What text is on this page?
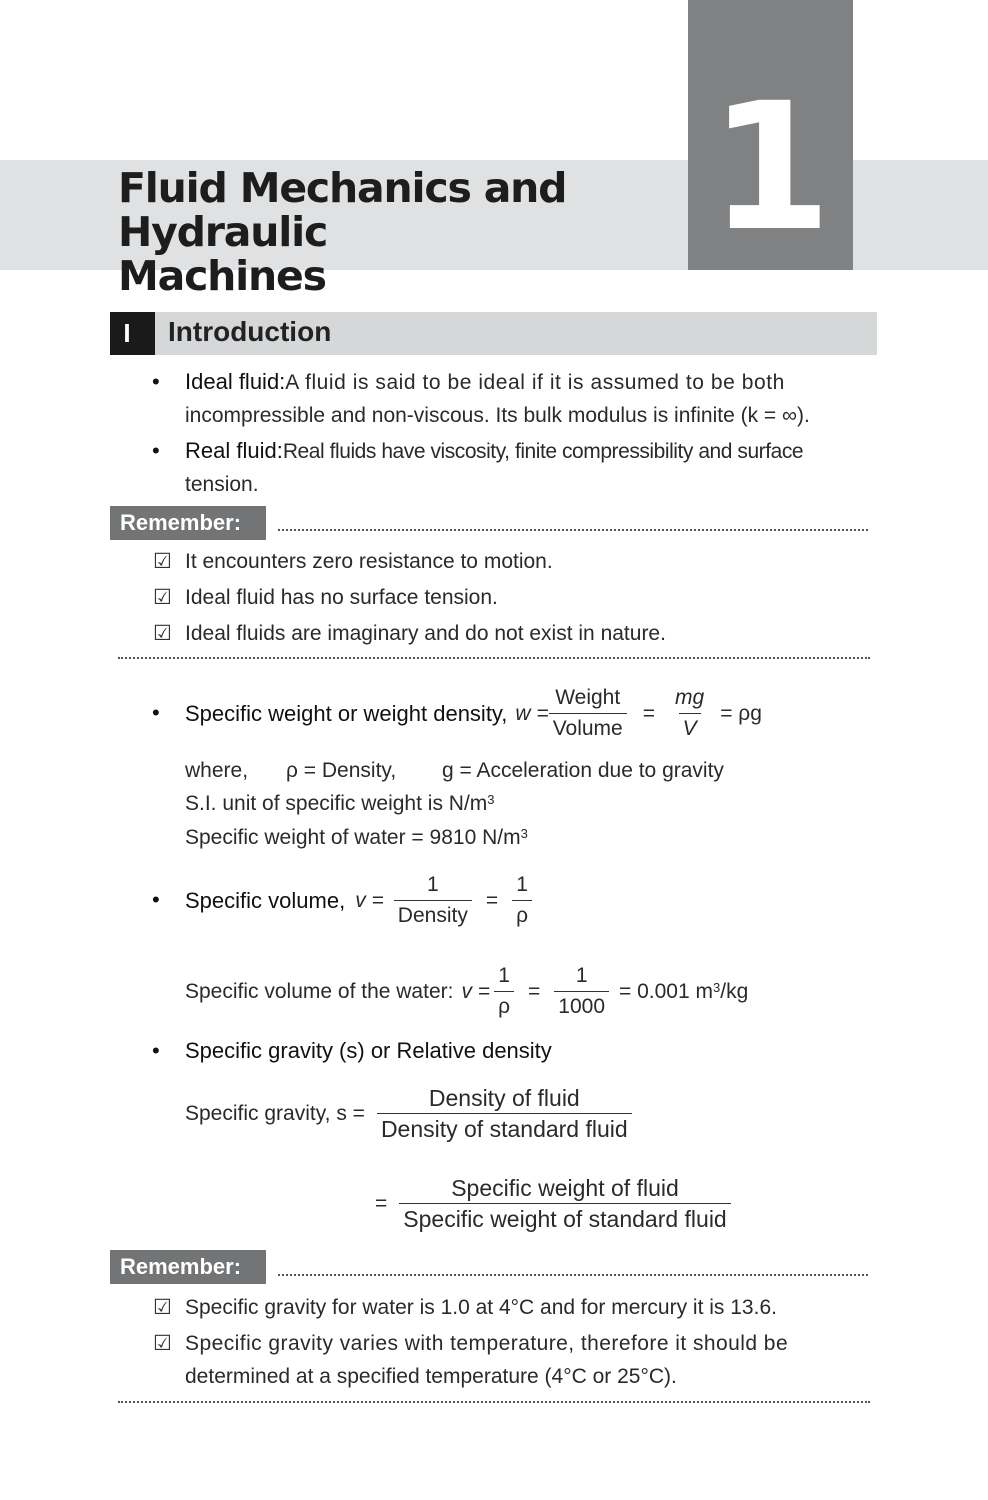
1
Fluid Mechanics and Hydraulic
Machines
I	Introduction
• Ideal fluid:A fluid is said to be ideal if it is assumed to be both
incompressible and non-viscous. Its bulk modulus is infinite (k = ∞).
• Real fluid:Real fluids have viscosity, finite compressibility and surface
tension.
Remember:
☑ It encounters zero resistance to motion.
☑ Ideal fluid has no surface tension.
☑ Ideal fluids are imaginary and do not exist in nature.
• Specific weight or weight density, $w = \frac{\text{Weight}}{\text{Volume}} = \frac{mg}{V} = \rho g$
where, ρ = Density, g = Acceleration due to gravity
S.I. unit of specific weight is $N/m^3$
Specific weight of water = 9810 $N/m^3$
• Specific volume, $v = \frac{1}{\text{Density}} = \frac{1}{\rho}$
Specific volume of the water: $v = \frac{1}{\rho} = \frac{1}{1000} = 0.001$ $m^3$ /kg
• Specific gravity (s) or Relative density
Specific gravity, $s = \frac{\text{Density of fluid}}{\text{Density of standard fluid}}$
= $\frac{\text{Specific weight of fluid}}{\text{Specific weight of standard fluid}}$
Remember:
☑ Specific gravity for water is 1.0 at 4°C and for mercury it is 13.6.
☑ Specific gravity varies with temperature, therefore it should be
determined at a specified temperature (4°C or 25°C).
